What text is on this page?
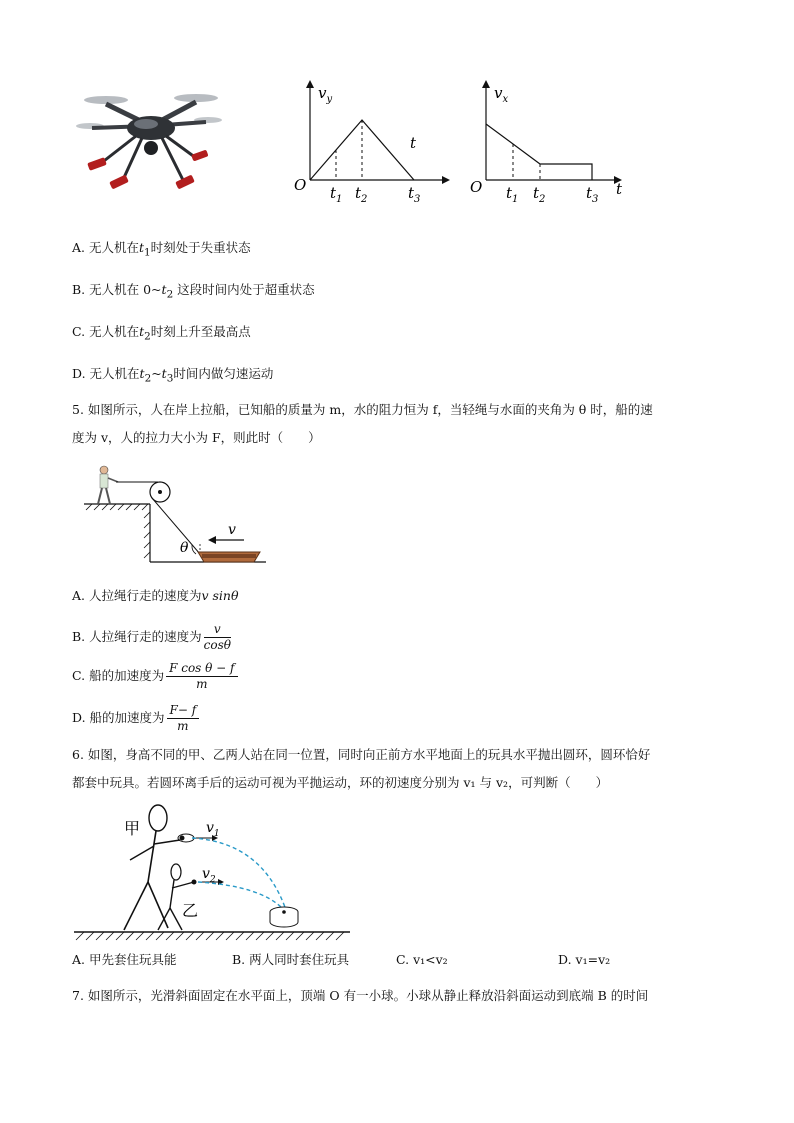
$v_y$
O
t
$t_1$ $t_2$	$t_3$
$v_x$
O	t
$t_1$ $t_2$	$t_3$
A. 无人机在$t_1$时刻处于失重状态
B. 无人机在 $0\sim t_2$ 这段时间内处于超重状态
C. 无人机在$t_2$时刻上升至最高点
D. 无人机在$t_2\sim t_3$时间内做匀速运动
5. 如图所示，人在岸上拉船，已知船的质量为 m，水的阻力恒为 f，当轻绳与水面的夹角为 θ 时，船的速
度为 v，人的拉力大小为 F，则此时（　　）
θ
v
A. 人拉绳行走的速度为v sinθ
B. 人拉绳行走的速度为 $\frac{v}{\cos\theta}$
C. 船的加速度为 $\frac{\text{F cos θ − f}}{m}$
D. 船的加速度为 $\frac{F- f}{m}$
6. 如图，身高不同的甲、乙两人站在同一位置，同时向正前方水平地面上的玩具水平抛出圆环，圆环恰好
都套中玩具。若圆环离手后的运动可视为平抛运动，环的初速度分别为 v₁ 与 v₂，可判断（　　）
甲
乙
$v_1$
$v_2$
A. 甲先套住玩具能	B. 两人同时套住玩具	C. v₁<v₂	D. v₁=v₂
7. 如图所示，光滑斜面固定在水平面上，顶端 O 有一小球。小球从静止释放沿斜面运动到底端 B 的时间
